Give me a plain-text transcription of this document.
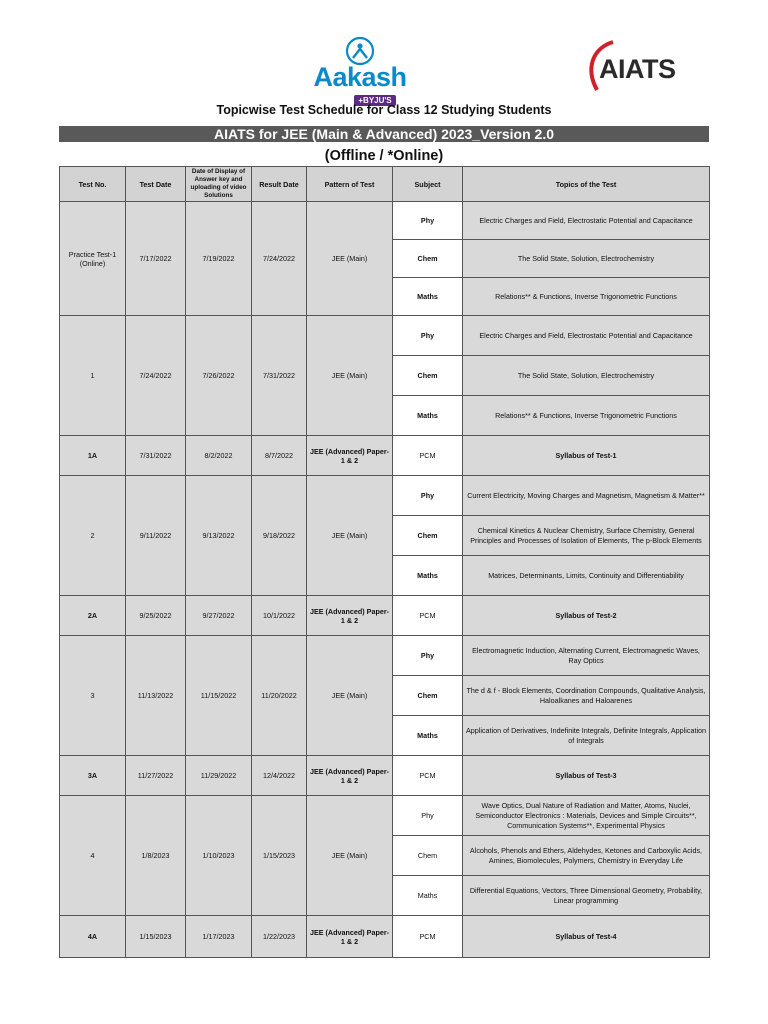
Aakash
+BYJU'S
AIATS
Topicwise Test Schedule for Class 12 Studying Students
AIATS for JEE (Main & Advanced) 2023_Version 2.0
(Offline / *Online)
Test No.	Test Date	Date of Display of Answer key and uploading of video Solutions	Result Date	Pattern of Test	Subject	Topics of the Test
Practice Test-1 (Online)	7/17/2022	7/19/2022	7/24/2022	JEE (Main)	Phy	Electric Charges and Field, Electrostatic Potential and Capacitance
					Chem	The Solid State, Solution, Electrochemistry
					Maths	Relations** & Functions, Inverse Trigonometric Functions
1	7/24/2022	7/26/2022	7/31/2022	JEE (Main)	Phy	Electric Charges and Field, Electrostatic Potential and Capacitance
					Chem	The Solid State, Solution, Electrochemistry
					Maths	Relations** & Functions, Inverse Trigonometric Functions
1A	7/31/2022	8/2/2022	8/7/2022	JEE (Advanced) Paper-1 & 2	PCM	Syllabus of Test-1
2	9/11/2022	9/13/2022	9/18/2022	JEE (Main)	Phy	Current Electricity, Moving Charges and Magnetism, Magnetism & Matter**
					Chem	Chemical Kinetics & Nuclear Chemistry, Surface Chemistry, General Principles and Processes of Isolation of Elements, The p-Block Elements
					Maths	Matrices, Determinants, Limits, Continuity and Differentiability
2A	9/25/2022	9/27/2022	10/1/2022	JEE (Advanced) Paper-1 & 2	PCM	Syllabus of Test-2
3	11/13/2022	11/15/2022	11/20/2022	JEE (Main)	Phy	Electromagnetic Induction, Alternating Current, Electromagnetic Waves, Ray Optics
					Chem	The d & f - Block Elements, Coordination Compounds, Qualitative Analysis, Haloalkanes and Haloarenes
					Maths	Application of Derivatives, Indefinite Integrals, Definite Integrals, Application of Integrals
3A	11/27/2022	11/29/2022	12/4/2022	JEE (Advanced) Paper-1 & 2	PCM	Syllabus of Test-3
4	1/8/2023	1/10/2023	1/15/2023	JEE (Main)	Phy	Wave Optics, Dual Nature of Radiation and Matter, Atoms, Nuclei, Semiconductor Electronics : Materials, Devices and Simple Circuits**, Communication Systems**, Experimental Physics
					Chem	Alcohols, Phenols and Ethers, Aldehydes, Ketones and Carboxylic Acids, Amines, Biomolecules, Polymers, Chemistry in Everyday Life
					Maths	Differential Equations, Vectors, Three Dimensional Geometry, Probability, Linear programming
4A	1/15/2023	1/17/2023	1/22/2023	JEE (Advanced) Paper-1 & 2	PCM	Syllabus of Test-4
